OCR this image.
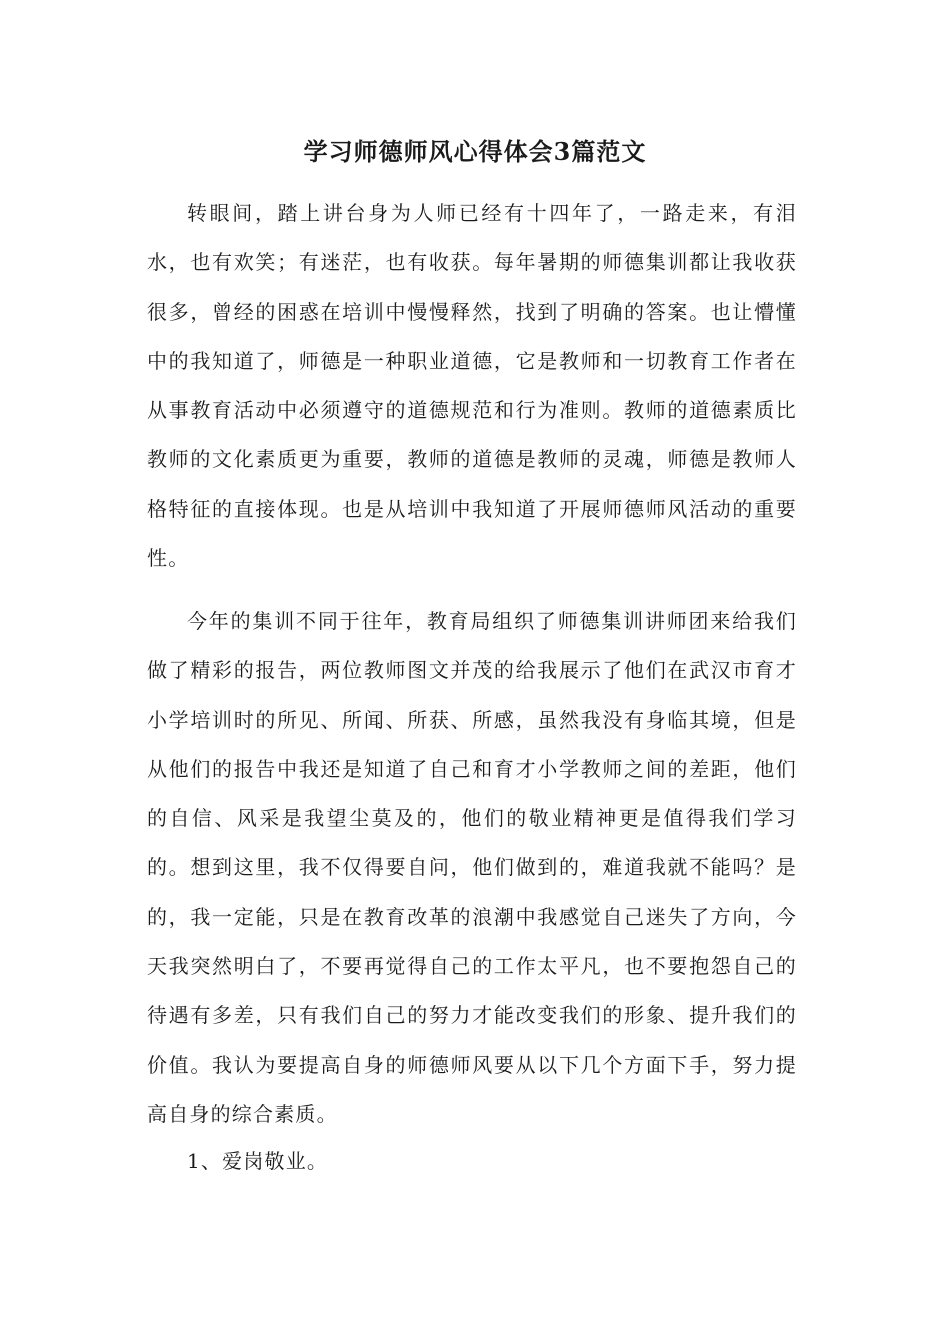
学习师德师风心得体会3篇范文

转眼间，踏上讲台身为人师已经有十四年了，一路走来，有泪水，也有欢笑；有迷茫，也有收获。每年暑期的师德集训都让我收获很多，曾经的困惑在培训中慢慢释然，找到了明确的答案。也让懵懂中的我知道了，师德是一种职业道德，它是教师和一切教育工作者在从事教育活动中必须遵守的道德规范和行为准则。教师的道德素质比教师的文化素质更为重要，教师的道德是教师的灵魂，师德是教师人格特征的直接体现。也是从培训中我知道了开展师德师风活动的重要性。

今年的集训不同于往年，教育局组织了师德集训讲师团来给我们做了精彩的报告，两位教师图文并茂的给我展示了他们在武汉市育才小学培训时的所见、所闻、所获、所感，虽然我没有身临其境，但是从他们的报告中我还是知道了自己和育才小学教师之间的差距，他们的自信、风采是我望尘莫及的，他们的敬业精神更是值得我们学习的。想到这里，我不仅得要自问，他们做到的，难道我就不能吗？是的，我一定能，只是在教育改革的浪潮中我感觉自己迷失了方向，今天我突然明白了，不要再觉得自己的工作太平凡，也不要抱怨自己的待遇有多差，只有我们自己的努力才能改变我们的形象、提升我们的价值。我认为要提高自身的师德师风要从以下几个方面下手，努力提高自身的综合素质。

1、爱岗敬业。
